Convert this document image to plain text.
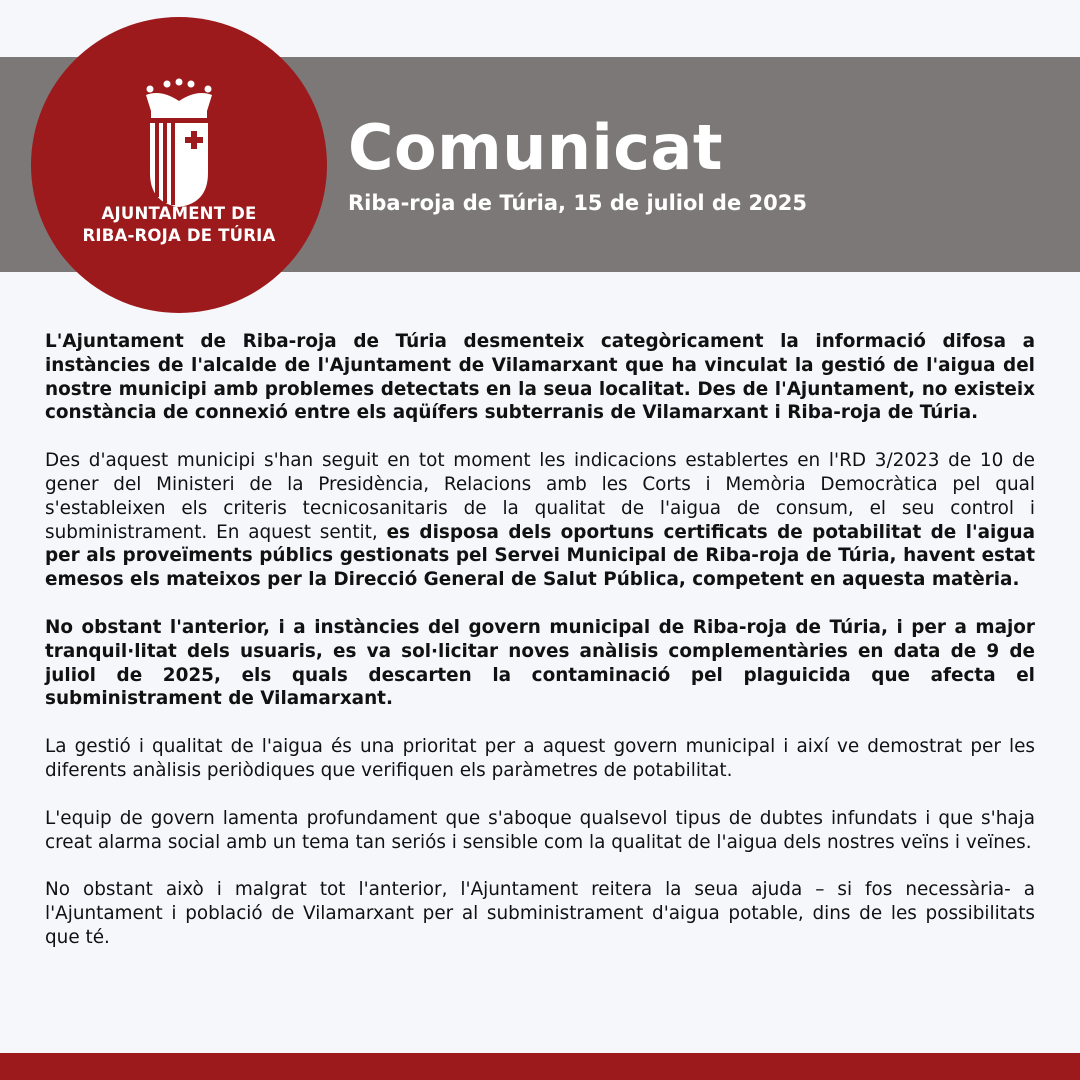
AJUNTAMENT DE
RIBA-ROJA DE TÚRIA
Comunicat
Riba-roja de Túria, 15 de juliol de 2025

L'Ajuntament de Riba-roja de Túria desmenteix categòricament la informació difosa a instàncies de l'alcalde de l'Ajuntament de Vilamarxant que ha vinculat la gestió de l'aigua del nostre municipi amb problemes detectats en la seua localitat. Des de l'Ajuntament, no existeix constància de connexió entre els aqüífers subterranis de Vilamarxant i Riba-roja de Túria.

Des d'aquest municipi s'han seguit en tot moment les indicacions establertes en l'RD 3/2023 de 10 de gener del Ministeri de la Presidència, Relacions amb les Corts i Memòria Democràtica pel qual s'estableixen els criteris tecnicosanitaris de la qualitat de l'aigua de consum, el seu control i subministrament. En aquest sentit, es disposa dels oportuns certificats de potabilitat de l'aigua per als proveïments públics gestionats pel Servei Municipal de Riba-roja de Túria, havent estat emesos els mateixos per la Direcció General de Salut Pública, competent en aquesta matèria.

No obstant l'anterior, i a instàncies del govern municipal de Riba-roja de Túria, i per a major tranquil·litat dels usuaris, es va sol·licitar noves anàlisis complementàries en data de 9 de juliol de 2025, els quals descarten la contaminació pel plaguicida que afecta el subministrament de Vilamarxant.

La gestió i qualitat de l'aigua és una prioritat per a aquest govern municipal i així ve demostrat per les diferents anàlisis periòdiques que verifiquen els paràmetres de potabilitat.

L'equip de govern lamenta profundament que s'aboque qualsevol tipus de dubtes infundats i que s'haja creat alarma social amb un tema tan seriós i sensible com la qualitat de l'aigua dels nostres veïns i veïnes.

No obstant això i malgrat tot l'anterior, l'Ajuntament reitera la seua ajuda – si fos necessària- a l'Ajuntament i població de Vilamarxant per al subministrament d'aigua potable, dins de les possibilitats que té.
